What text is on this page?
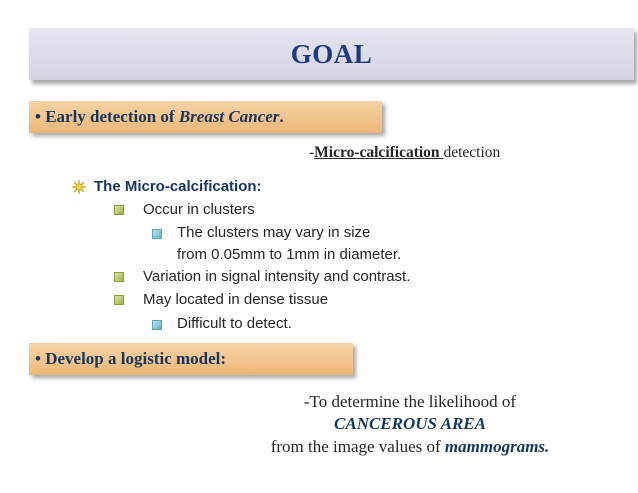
GOAL
•
Early detection of
Breast Cancer .
-Micro-calcification detection
The Micro-calcification:
Occur in clusters
The clusters may vary in size
from 0.05mm to 1mm in diameter.
Variation in signal intensity and contrast.
May located in dense tissue
Difficult to detect.
•
Develop a logistic model:
-To determine the likelihood of
CANCEROUS AREA
from the image values of mammograms.
